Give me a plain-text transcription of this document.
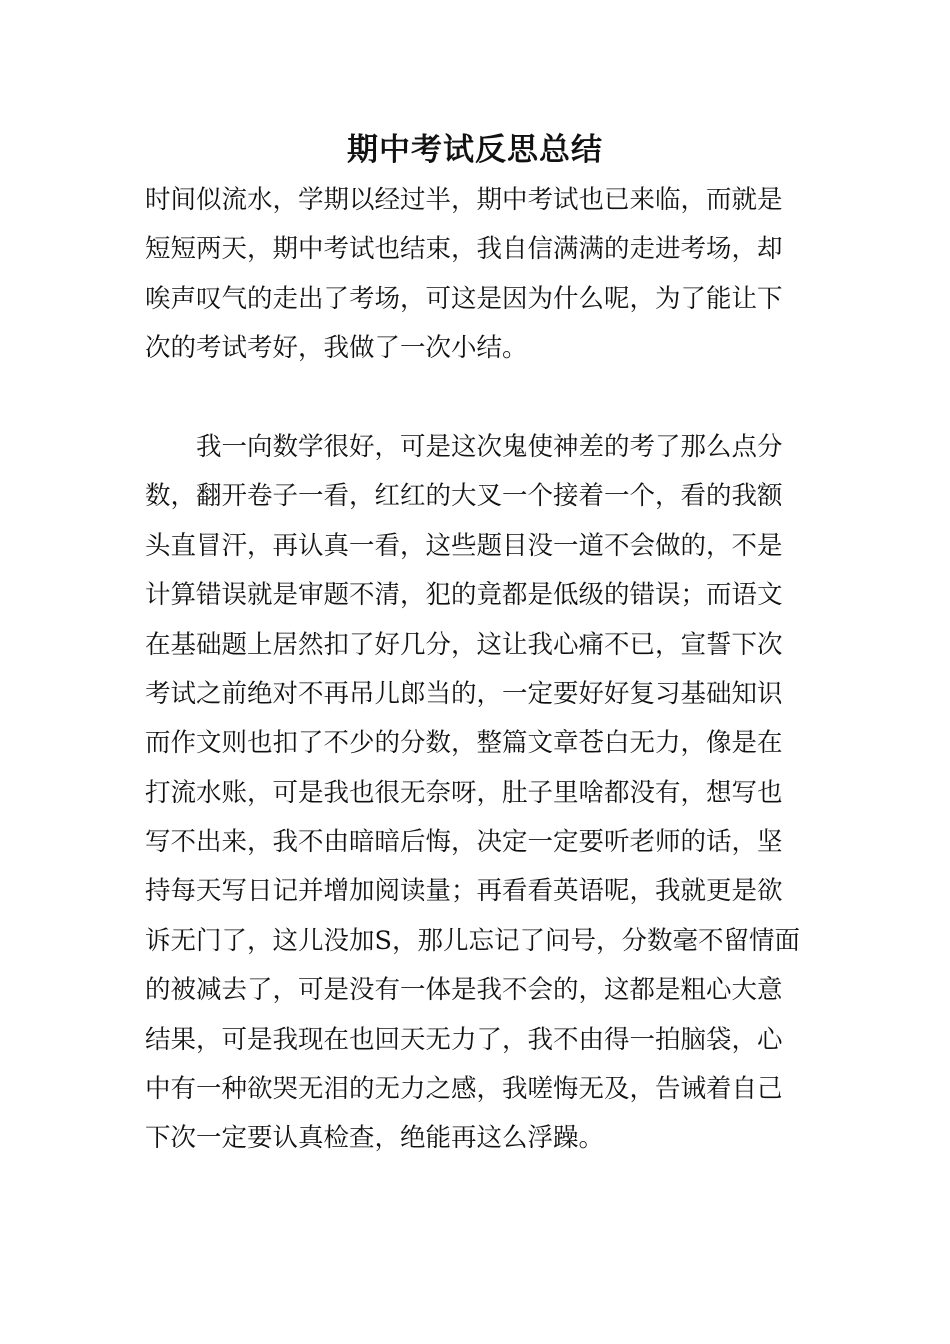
期中考试反思总结
时间似流水，学期以经过半，期中考试也已来临，而就是
短短两天，期中考试也结束，我自信满满的走进考场，却
唉声叹气的走出了考场，可这是因为什么呢，为了能让下
次的考试考好，我做了一次小结。
我一向数学很好，可是这次鬼使神差的考了那么点分
数，翻开卷子一看，红红的大叉一个接着一个，看的我额
头直冒汗，再认真一看，这些题目没一道不会做的，不是
计算错误就是审题不清，犯的竟都是低级的错误；而语文
在基础题上居然扣了好几分，这让我心痛不已，宣誓下次
考试之前绝对不再吊儿郎当的，一定要好好复习基础知识
而作文则也扣了不少的分数，整篇文章苍白无力，像是在
打流水账，可是我也很无奈呀，肚子里啥都没有，想写也
写不出来，我不由暗暗后悔，决定一定要听老师的话，坚
持每天写日记并增加阅读量；再看看英语呢，我就更是欲
诉无门了，这儿没加S，那儿忘记了问号，分数毫不留情面
的被减去了，可是没有一体是我不会的，这都是粗心大意
结果，可是我现在也回天无力了，我不由得一拍脑袋，心
中有一种欲哭无泪的无力之感，我嗟悔无及，告诫着自己
下次一定要认真检查，绝能再这么浮躁。
